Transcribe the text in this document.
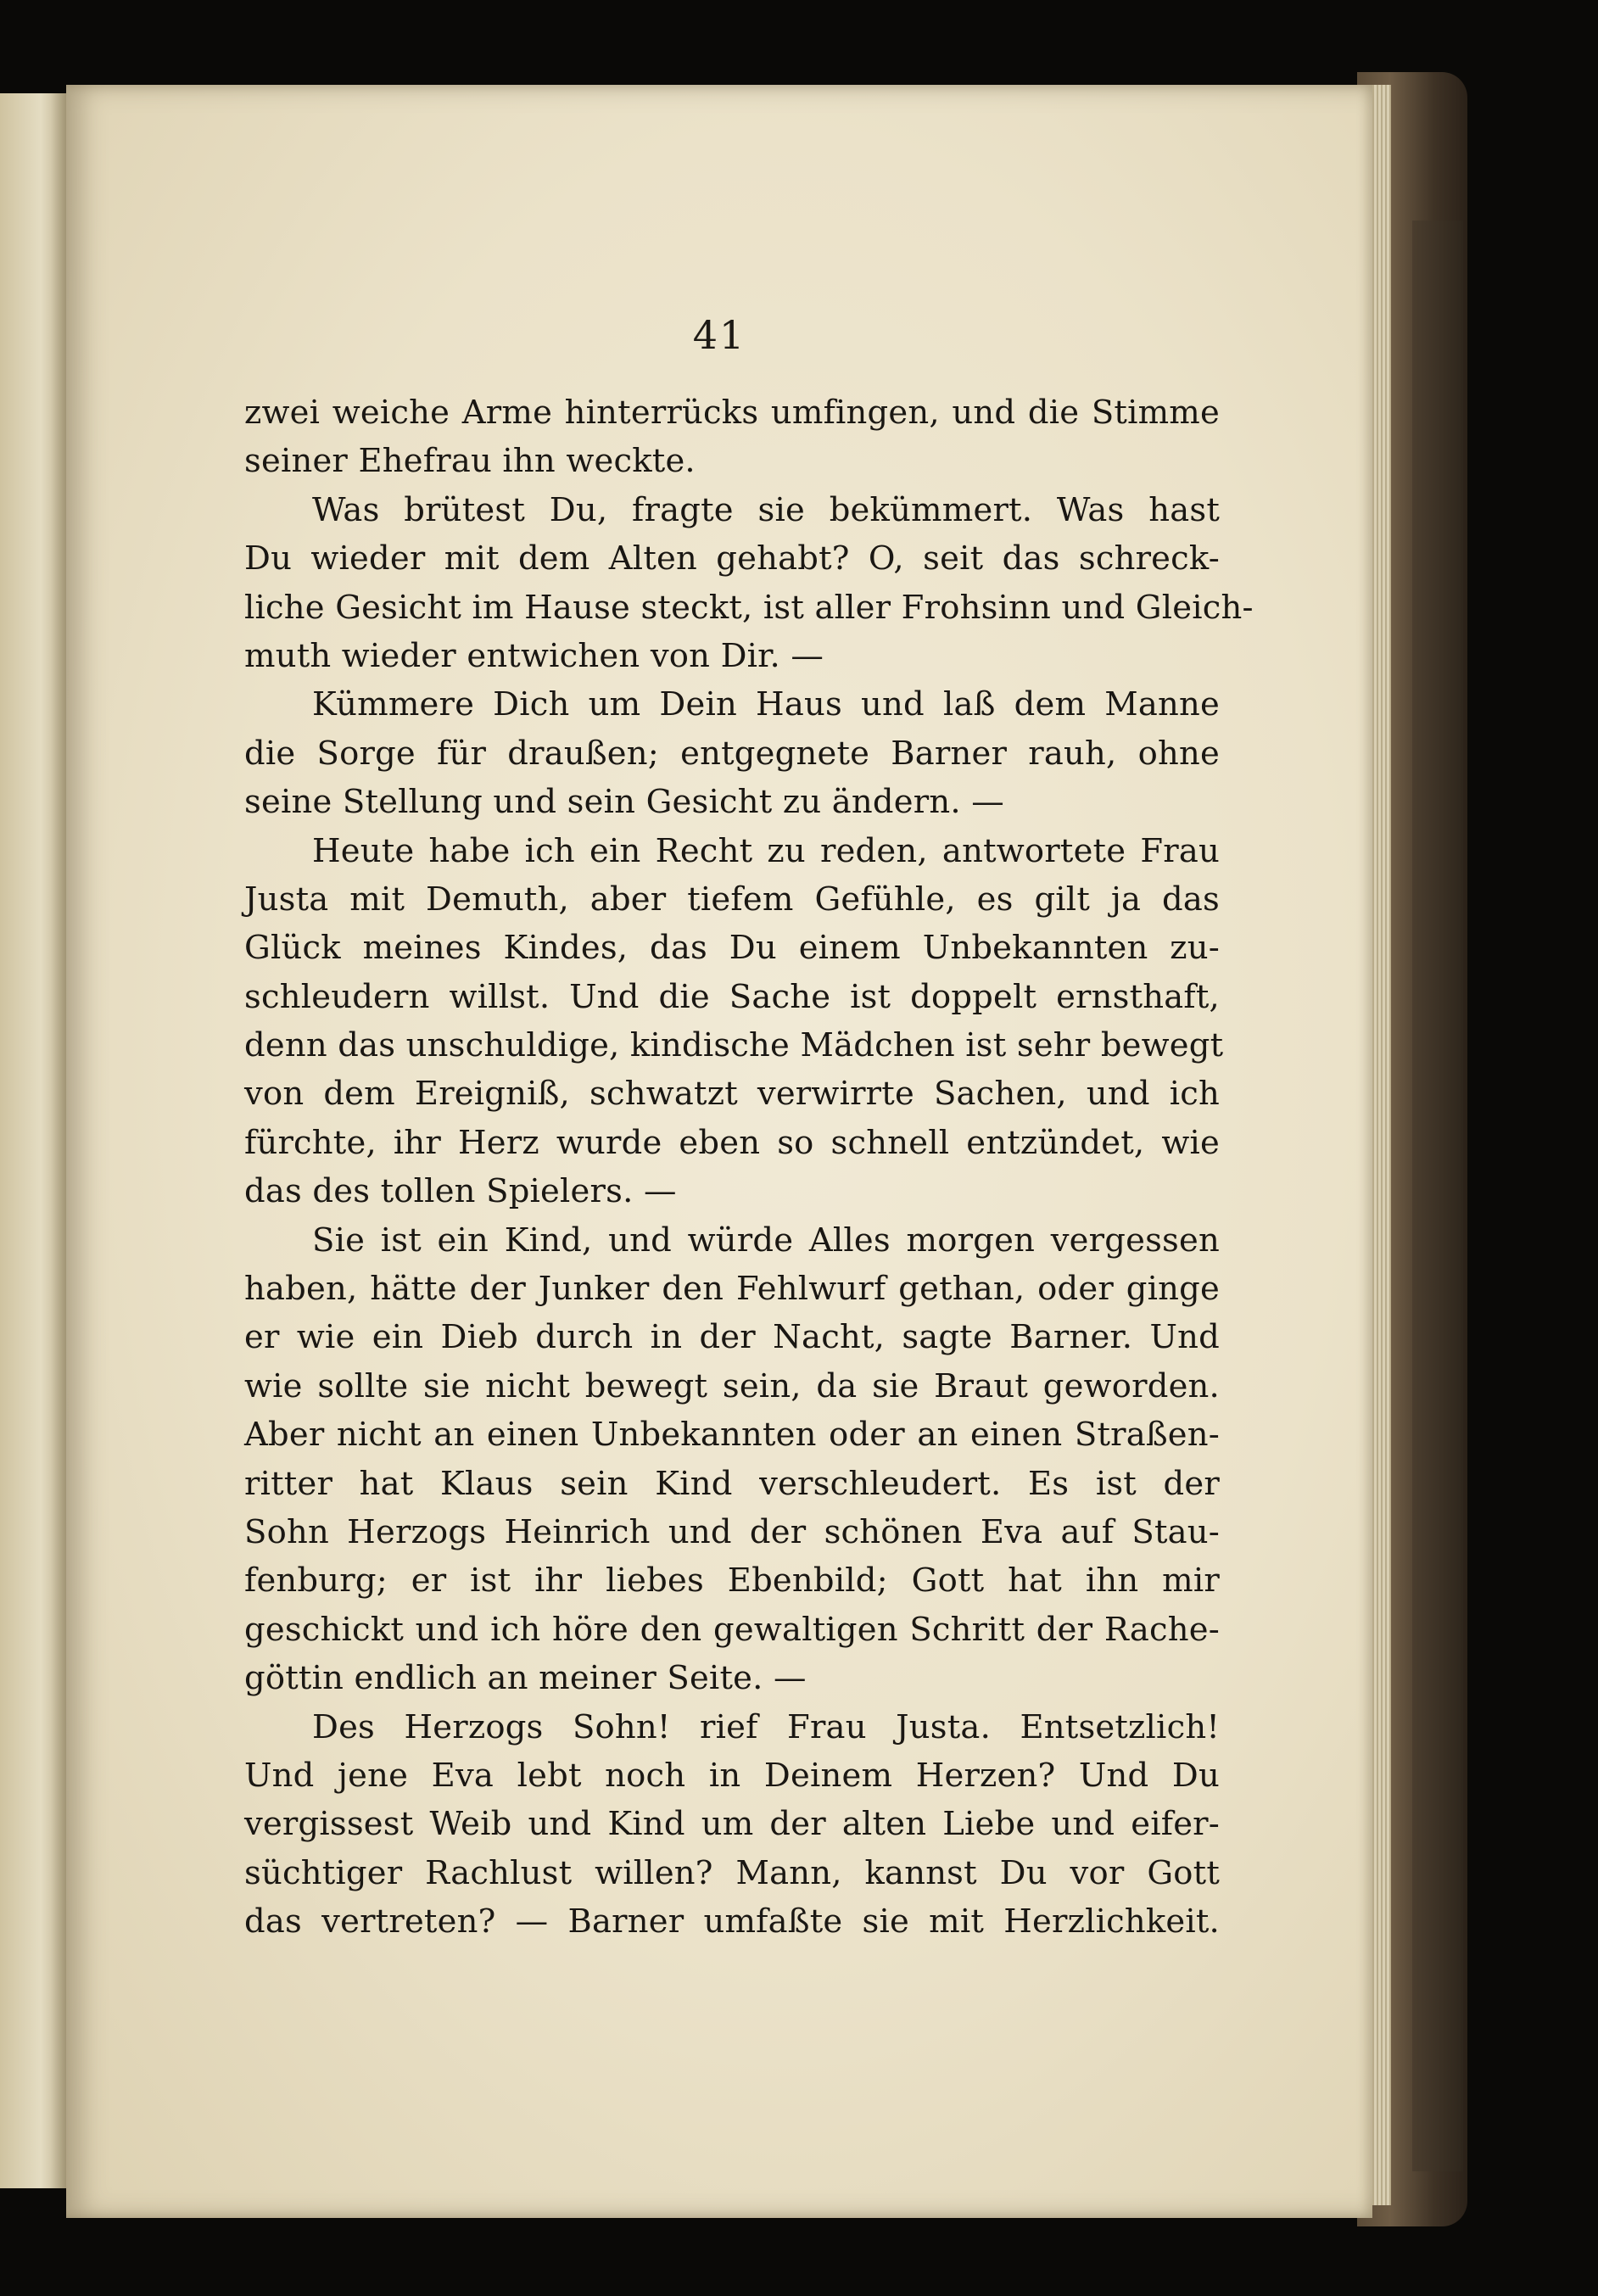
41
zwei weiche Arme hinterrücks umfingen, und die Stimme
seiner Ehefrau ihn weckte.
Was brütest Du, fragte sie bekümmert. Was hast
Du wieder mit dem Alten gehabt? O, seit das schreck-
liche Gesicht im Hause steckt, ist aller Frohsinn und Gleich-
muth wieder entwichen von Dir. —
Kümmere Dich um Dein Haus und laß dem Manne
die Sorge für draußen; entgegnete Barner rauh, ohne
seine Stellung und sein Gesicht zu ändern. —
Heute habe ich ein Recht zu reden, antwortete Frau
Justa mit Demuth, aber tiefem Gefühle, es gilt ja das
Glück meines Kindes, das Du einem Unbekannten zu-
schleudern willst. Und die Sache ist doppelt ernsthaft,
denn das unschuldige, kindische Mädchen ist sehr bewegt
von dem Ereigniß, schwatzt verwirrte Sachen, und ich
fürchte, ihr Herz wurde eben so schnell entzündet, wie
das des tollen Spielers. —
Sie ist ein Kind, und würde Alles morgen vergessen
haben, hätte der Junker den Fehlwurf gethan, oder ginge
er wie ein Dieb durch in der Nacht, sagte Barner. Und
wie sollte sie nicht bewegt sein, da sie Braut geworden.
Aber nicht an einen Unbekannten oder an einen Straßen-
ritter hat Klaus sein Kind verschleudert. Es ist der
Sohn Herzogs Heinrich und der schönen Eva auf Stau-
fenburg; er ist ihr liebes Ebenbild; Gott hat ihn mir
geschickt und ich höre den gewaltigen Schritt der Rache-
göttin endlich an meiner Seite. —
Des Herzogs Sohn! rief Frau Justa. Entsetzlich!
Und jene Eva lebt noch in Deinem Herzen? Und Du
vergissest Weib und Kind um der alten Liebe und eifer-
süchtiger Rachlust willen? Mann, kannst Du vor Gott
das vertreten? — Barner umfaßte sie mit Herzlichkeit.
